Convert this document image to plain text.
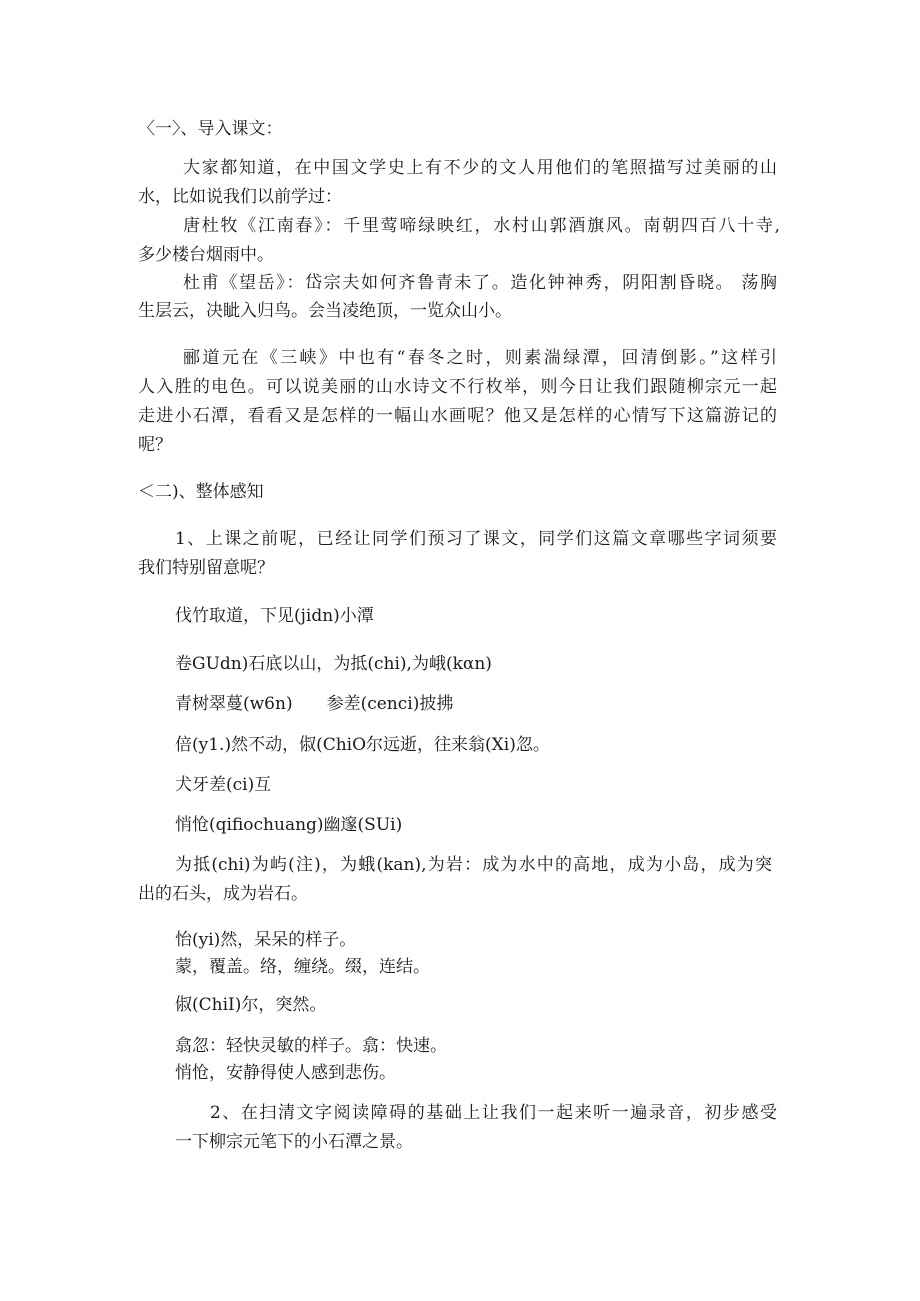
〈一〉、导入课文：

大家都知道，在中国文学史上有不少的文人用他们的笔照描写过美丽的山

水，比如说我们以前学过：

唐杜牧《江南春》：千里莺啼绿映红，水村山郭酒旗风。南朝四百八十寺,

多少楼台烟雨中。

杜甫《望岳》：岱宗夫如何齐鲁青未了。造化钟神秀，阴阳割昏晓。 荡胸

生层云，决眦入归鸟。会当凌绝顶，一览众山小。

郦道元在《三峡》中也有“春冬之时，则素湍绿潭，回清倒影。”这样引

人入胜的电色。可以说美丽的山水诗文不行枚举，则今日让我们跟随柳宗元一起

走进小石潭，看看又是怎样的一幅山水画呢？他又是怎样的心情写下这篇游记的

呢？

＜二)、整体感知

1、上课之前呢，已经让同学们预习了课文，同学们这篇文章哪些字词须要

我们特别留意呢？

伐竹取道，下见(jidn)小潭

卷GUdn)石底以山，为抵(chi),为峨(kαn)

青树翠蔓(w6n)　　参差(cenci)披拂

倍(y1.)然不动，俶(ChiO尔远逝，往来翁(Xi)忽。

犬牙差(ci)互

悄怆(qifiochuang)幽邃(SUi)

为抵(chi)为屿(注)，为蛾(kan),为岩：成为水中的高地，成为小岛，成为突

出的石头，成为岩石。

怡(yi)然，呆呆的样子。

蒙，覆盖。络，缠绕。缀，连结。

俶(ChiI)尔，突然。

翕忽：轻快灵敏的样子。翕：快速。

悄怆，安静得使人感到悲伤。

2、在扫清文字阅读障碍的基础上让我们一起来听一遍录音，初步感受

一下柳宗元笔下的小石潭之景。
